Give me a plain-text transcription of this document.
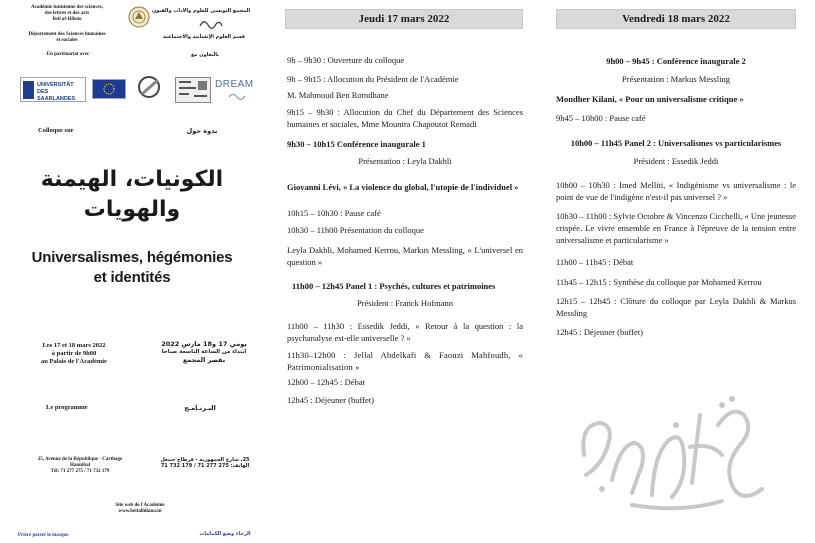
Académie tunisienne des sciences,
des lettres et des arts
Beït al-Hikma
المجمع التونسي للعلوم والآداب والفنون
Département des Sciences humaines
et sociales
قسم العلوم الإنسانية والاجتماعية
En partenariat avec	بالتعاون مع
UNIVERSITÄT DES SAARLANDES
DREAM
Colloque sur	ندوة حول
الكونيات، الهيمنة
والهويات
Universalismes, hégémonies
et identités
Les 17 et 18 mars 2022
à partir de 9h00
au Palais de l'Académie
يومي 17 و18 مارس 2022
ابتداء من الساعة التاسعة صباحا
بقصر المجمع
Le programme	البـرنـامـج
25, Avenue de la République - Carthage
Hannibal
Tél: 71 277 275 / 71 732 179
25، شارع الجمهورية - قرطاج حنبعل
الهاتف: 275 277 71 / 179 732 71
Site web de l'Académie
www.beitalhikma.tn
Prière porter le masque	الرجاء وضع الكمامات
Jeudi 17 mars 2022
9h – 9h30 : Ouverture du colloque
9h – 9h15 : Allocution du Président de l'Académie
M. Mahmoud Ben Romdhane
9h15 – 9h30 : Allocution du Chef du Département des Sciences humaines et sociales, Mme Mounira Chapoutot Remadi
9h30 – 10h15 Conférence inaugurale 1
Présentation : Leyla Dakhli
Giovanni Lévi, « La violence du global, l'utopie de l'individuel »
10h15 – 10h30 : Pause café
10h30 – 11h00 Présentation du colloque
Leyla Dakhli, Mohamed Kerrou, Markus Messling, « L'universel en question »
11h00 – 12h45 Panel 1 : Psychés, cultures et patrimoines
Président : Franck Hofmann
11h00 – 11h30 : Essedik Jeddi, « Retour à la question : la psychanalyse est-elle universelle ? »
11h30–12h00 : Jellal Abdelkafi & Faouzi Mahfoudh, « Patrimonialisation »
12h00 – 12h45 : Débat
12h45 : Déjeuner (buffet)
Vendredi 18 mars 2022
9h00 – 9h45 : Conférence inaugurale 2
Présentation : Markus Messling
Mondher Kilani, « Pour un universalisme critique »
9h45 – 10h00 : Pause café
10h00 – 11h45 Panel 2 : Universalismes vs particularismes
Président : Essedik Jeddi
10h00 – 10h30 : Imed Melliti, « Indigénisme vs universalisme : le point de vue de l'indigène n'est-il pas universel ? »
10h30 – 11h00 : Sylvie Octobre & Vincenzo Cicchelli, « Une jeunesse crispée. Le vivre ensemble en France à l'épreuve de la tension entre universalisme et particularisme »
11h00 – 11h45 : Débat
11h45 – 12h15 : Synthèse du colloque par Mohamed Kerrou
12h15 – 12h45 : Clôture du colloque par Leyla Dakhli & Markus Messling
12h45 : Déjeuner (buffet)
